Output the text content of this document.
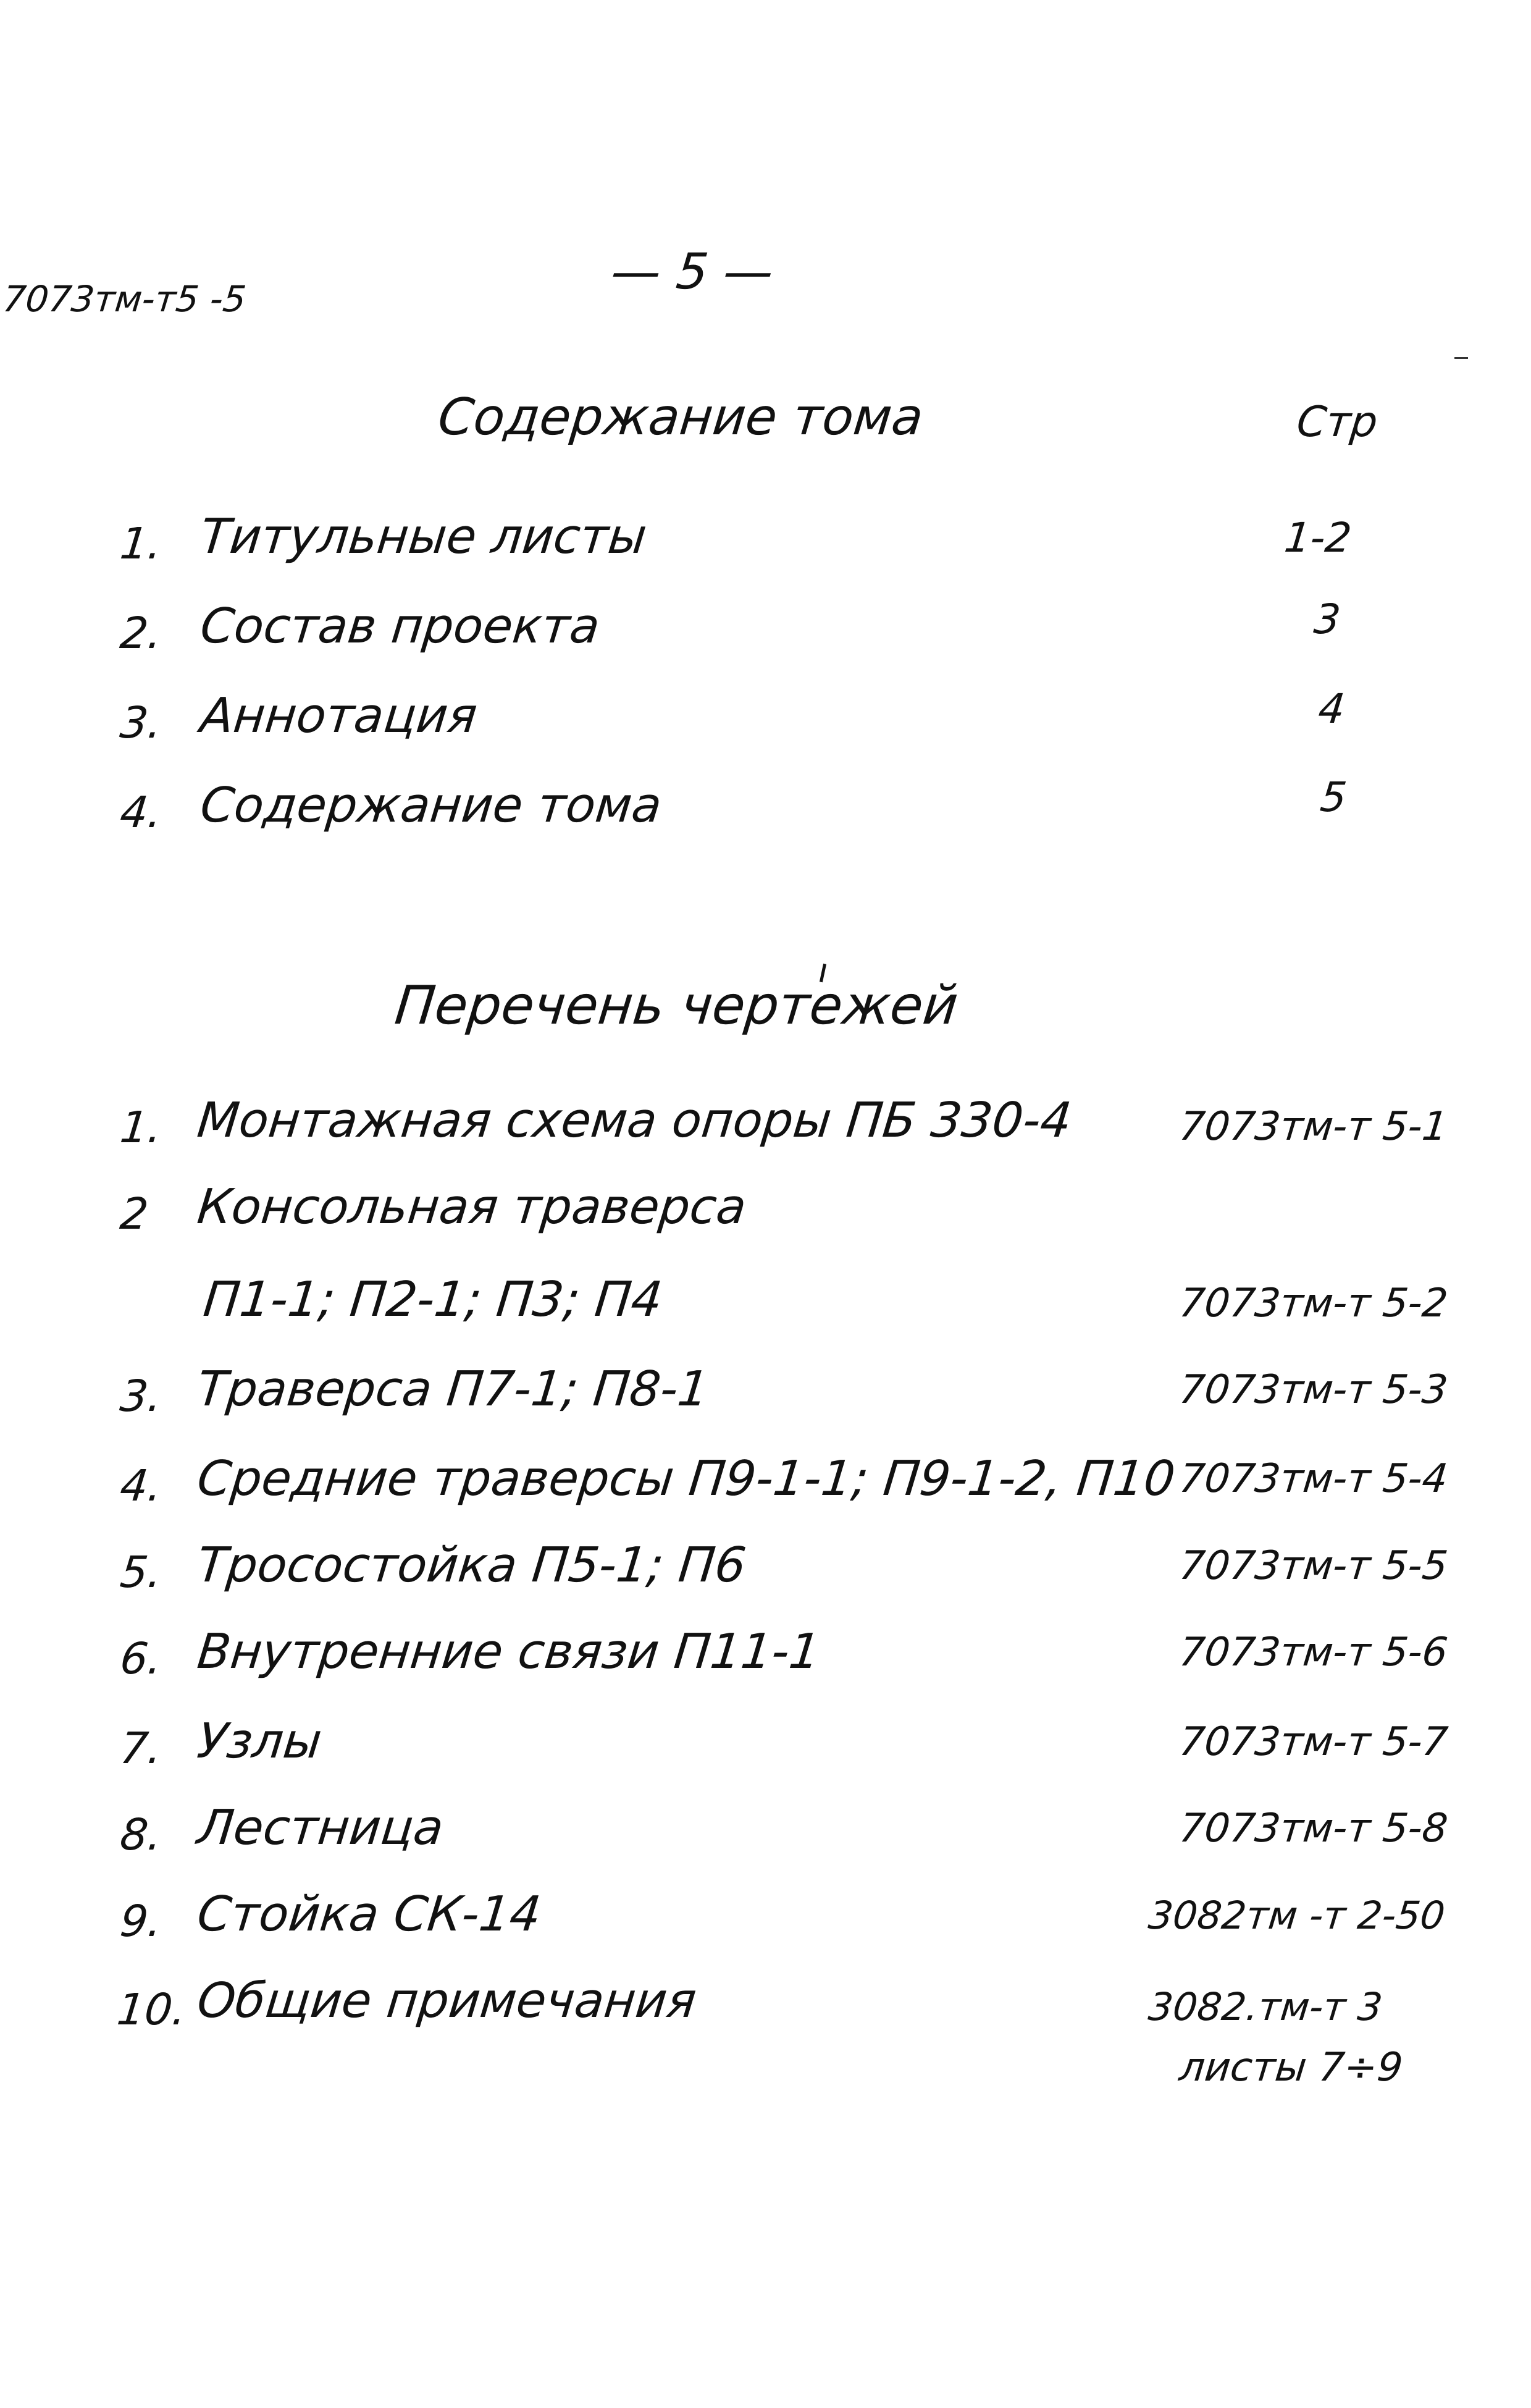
7073тм-т5 -5	— 5 —
Содержание тома	Стр
1. Титульные листы	1-2
2. Состав проекта	3
3. Аннотация	4
4. Содержание тома	5
Перечень чертежей
1. Монтажная схема опоры ПБ 330-4	7073тм-т 5-1
2 Консольная траверса
П1-1; П2-1; П3; П4	7073тм-т 5-2
3. Траверса П7-1; П8-1	7073тм-т 5-3
4. Средние траверсы П9-1-1; П9-1-2, П10 7073тм-т 5-4
5. Тросостойка П5-1; П6	7073тм-т 5-5
6. Внутренние связи П11-1	7073тм-т 5-6
7. Узлы	7073тм-т 5-7
8. Лестница	7073тм-т 5-8
9. Стойка СК-14	3082тм -т 2-50
10. Общие примечания	3082.тм-т 3
листы 7÷9
